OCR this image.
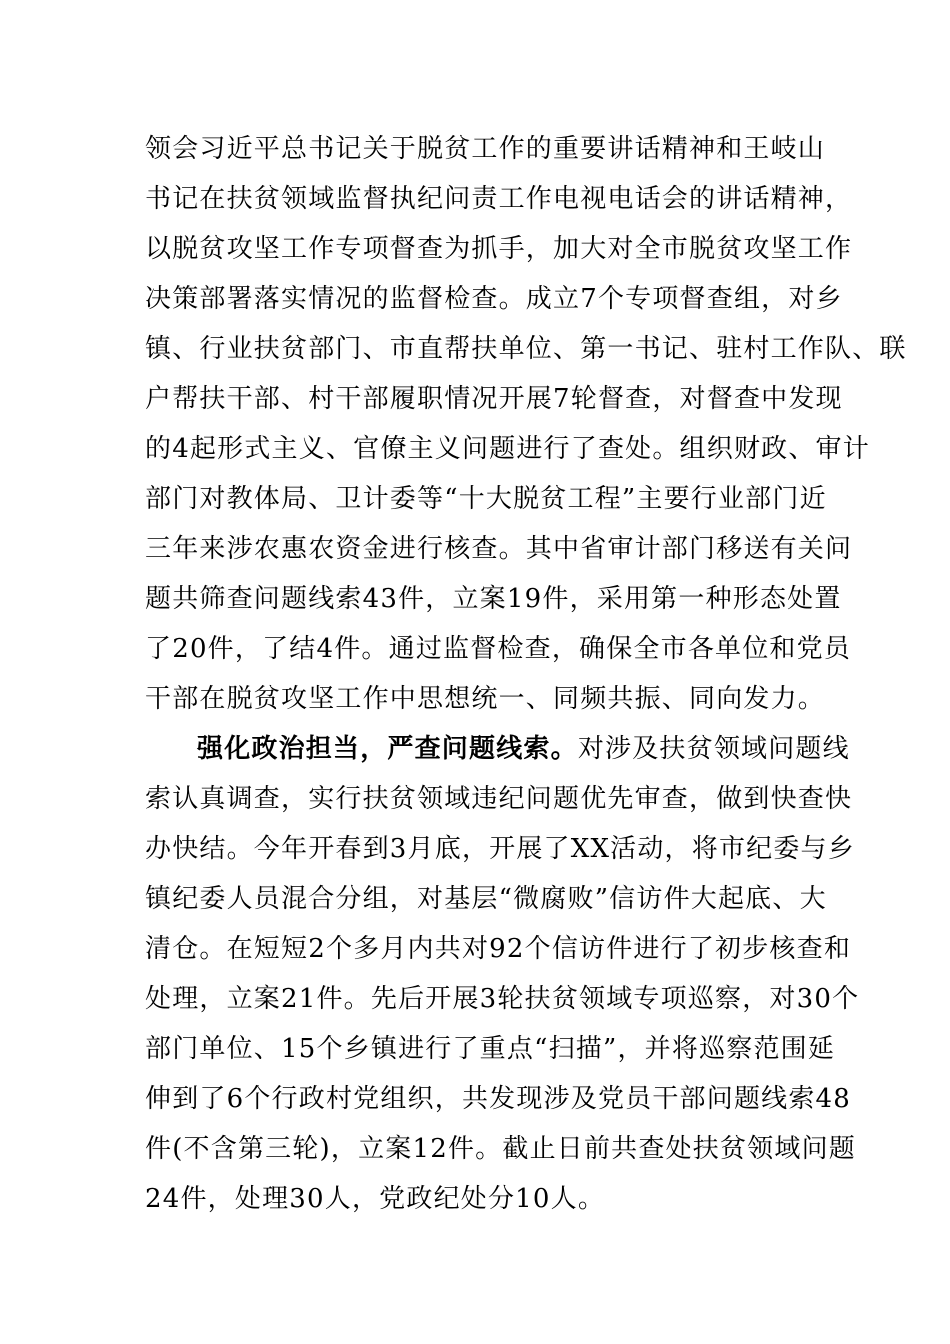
领会习近平总书记关于脱贫工作的重要讲话精神和王岐山
书记在扶贫领域监督执纪问责工作电视电话会的讲话精神，
以脱贫攻坚工作专项督查为抓手，加大对全市脱贫攻坚工作
决策部署落实情况的监督检查。成立7个专项督查组，对乡
镇、行业扶贫部门、市直帮扶单位、第一书记、驻村工作队、联
户帮扶干部、村干部履职情况开展7轮督查，对督查中发现
的4起形式主义、官僚主义问题进行了查处。组织财政、审计
部门对教体局、卫计委等“十大脱贫工程”主要行业部门近
三年来涉农惠农资金进行核查。其中省审计部门移送有关问
题共筛查问题线索43件，立案19件，采用第一种形态处置
了20件，了结4件。通过监督检查，确保全市各单位和党员
干部在脱贫攻坚工作中思想统一、同频共振、同向发力。
强化政治担当，严查问题线索。对涉及扶贫领域问题线
索认真调查，实行扶贫领域违纪问题优先审查，做到快查快
办快结。今年开春到3月底，开展了XX活动，将市纪委与乡
镇纪委人员混合分组，对基层“微腐败”信访件大起底、大
清仓。在短短2个多月内共对92个信访件进行了初步核查和
处理，立案21件。先后开展3轮扶贫领域专项巡察，对30个
部门单位、15个乡镇进行了重点“扫描”，并将巡察范围延
伸到了6个行政村党组织，共发现涉及党员干部问题线索48
件(不含第三轮)，立案12件。截止日前共查处扶贫领域问题
24件，处理30人，党政纪处分10人。
